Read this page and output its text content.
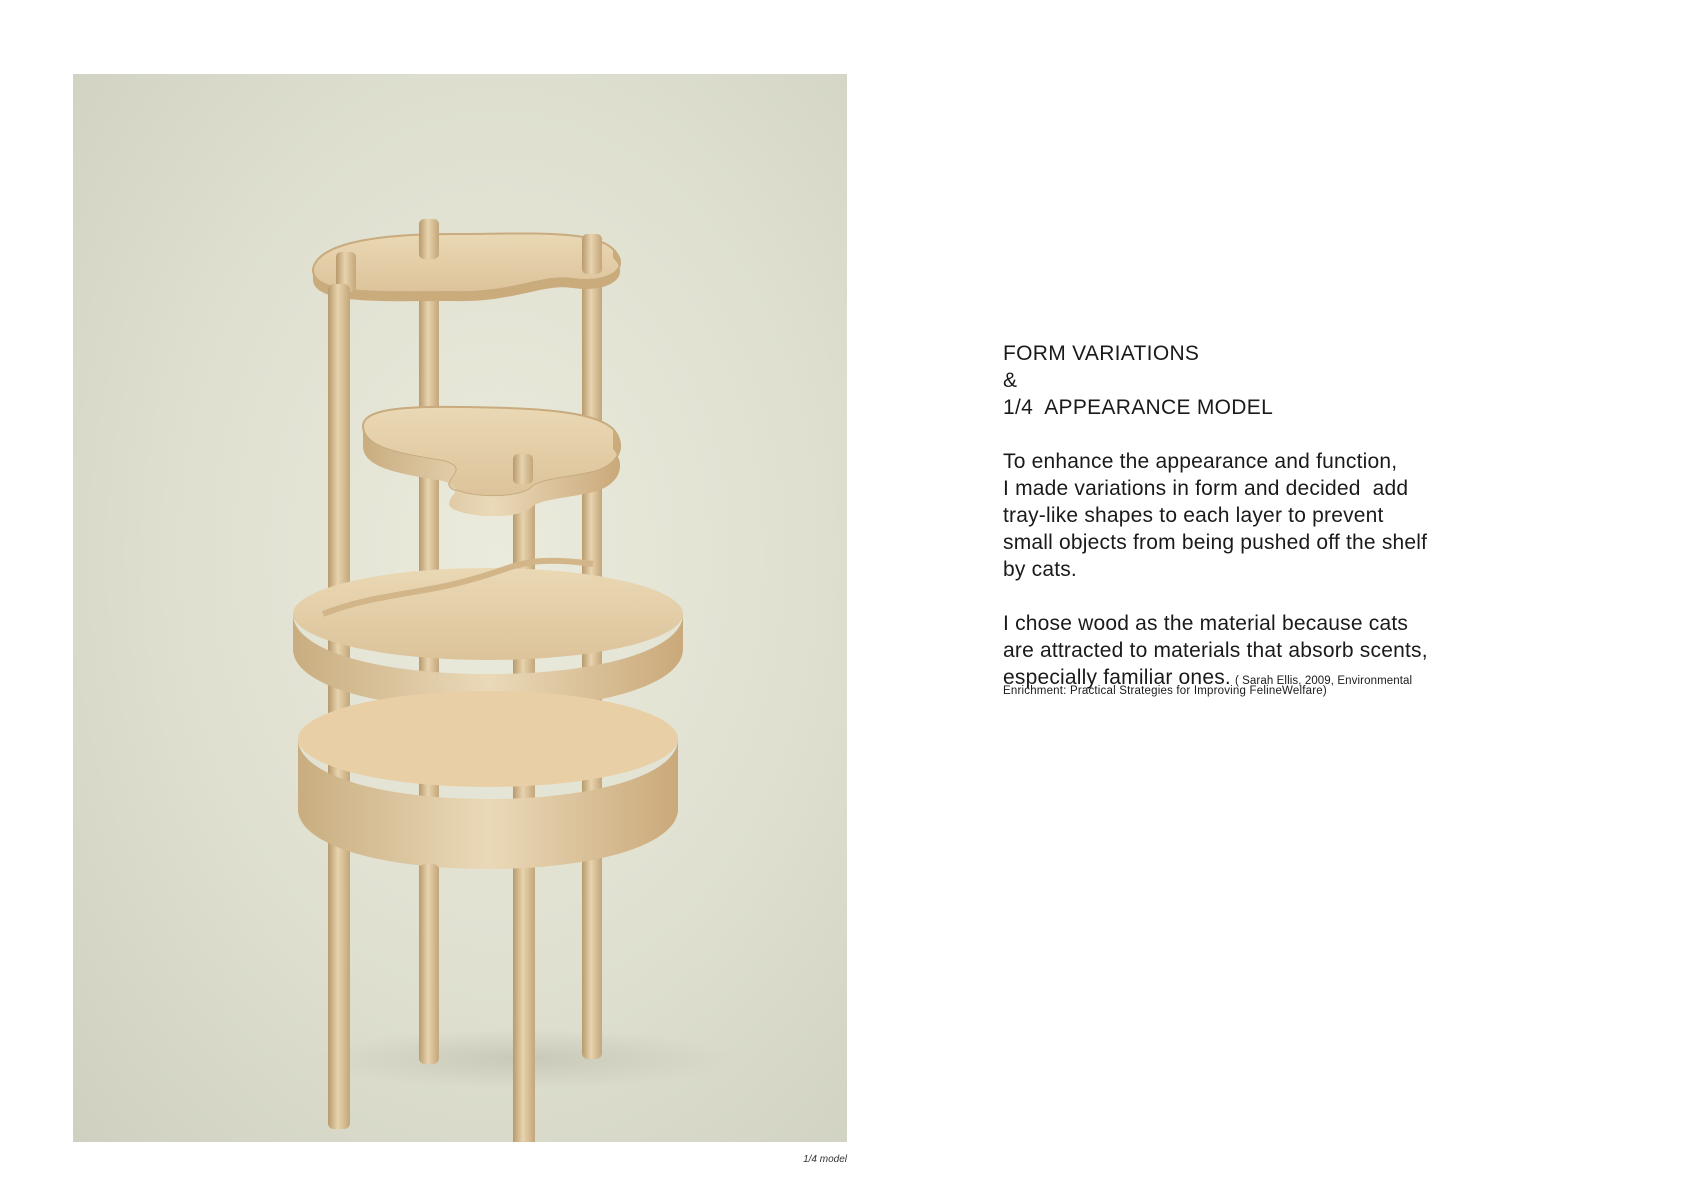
1/4 model
FORM VARIATIONS
&
1/4  APPEARANCE MODEL

To enhance the appearance and function,
I made variations in form and decided  add
tray-like shapes to each layer to prevent
small objects from being pushed off the shelf
by cats.

I chose wood as the material because cats
are attracted to materials that absorb scents,
especially familiar ones. ( Sarah Ellis, 2009, Environmental
Enrichment: Practical Strategies for Improving FelineWelfare)
